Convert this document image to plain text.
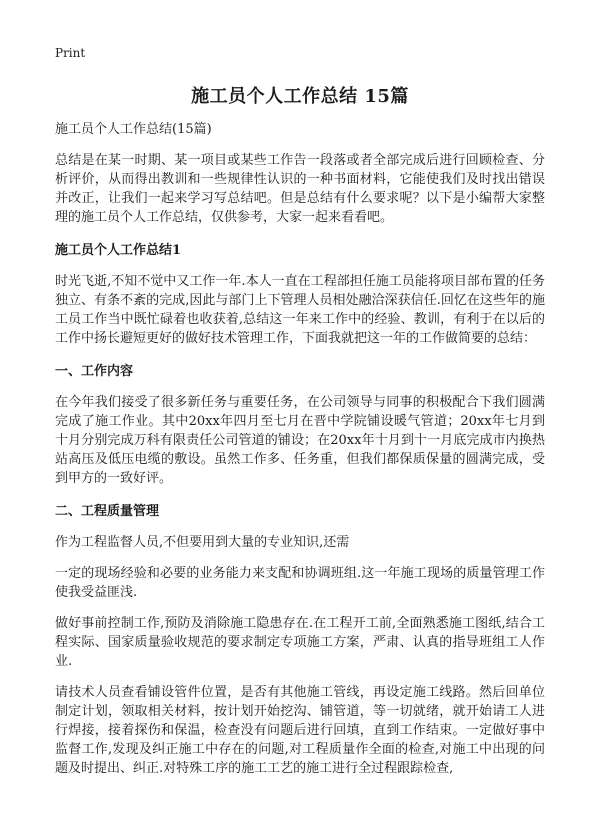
Print
施工员个人工作总结 15篇

施工员个人工作总结(15篇)

总结是在某一时期、某一项目或某些工作告一段落或者全部完成后进行回顾检查、分析评价，从而得出教训和一些规律性认识的一种书面材料，它能使我们及时找出错误并改正，让我们一起来学习写总结吧。但是总结有什么要求呢？以下是小编帮大家整理的施工员个人工作总结，仅供参考，大家一起来看看吧。

施工员个人工作总结1

时光飞逝,不知不觉中又工作一年.本人一直在工程部担任施工员能将项目部布置的任务独立、有条不紊的完成,因此与部门上下管理人员相处融洽深获信任.回忆在这些年的施工员工作当中既忙碌着也收获着,总结这一年来工作中的经验、教训，有利于在以后的工作中扬长避短更好的做好技术管理工作，下面我就把这一年的工作做简要的总结：

一、工作内容

在今年我们接受了很多新任务与重要任务，在公司领导与同事的积极配合下我们圆满完成了施工作业。其中20xx年四月至七月在晋中学院铺设暖气管道；20xx年七月到十月分别完成万科有限责任公司管道的铺设；在20xx年十月到十一月底完成市内换热站高压及低压电缆的敷设。虽然工作多、任务重，但我们都保质保量的圆满完成，受到甲方的一致好评。

二、工程质量管理

作为工程监督人员,不但要用到大量的专业知识,还需

一定的现场经验和必要的业务能力来支配和协调班组.这一年施工现场的质量管理工作使我受益匪浅.

做好事前控制工作,预防及消除施工隐患存在.在工程开工前,全面熟悉施工图纸,结合工程实际、国家质量验收规范的要求制定专项施工方案，严肃、认真的指导班组工人作业.

请技术人员查看铺设管件位置，是否有其他施工管线，再设定施工线路。然后回单位制定计划，领取相关材料，按计划开始挖沟、铺管道，等一切就绪，就开始请工人进行焊接，接着探伤和保温，检查没有问题后进行回填，直到工作结束。一定做好事中监督工作,发现及纠正施工中存在的问题,对工程质量作全面的检查,对施工中出现的问题及时提出、纠正.对特殊工序的施工工艺的施工进行全过程跟踪检查,
